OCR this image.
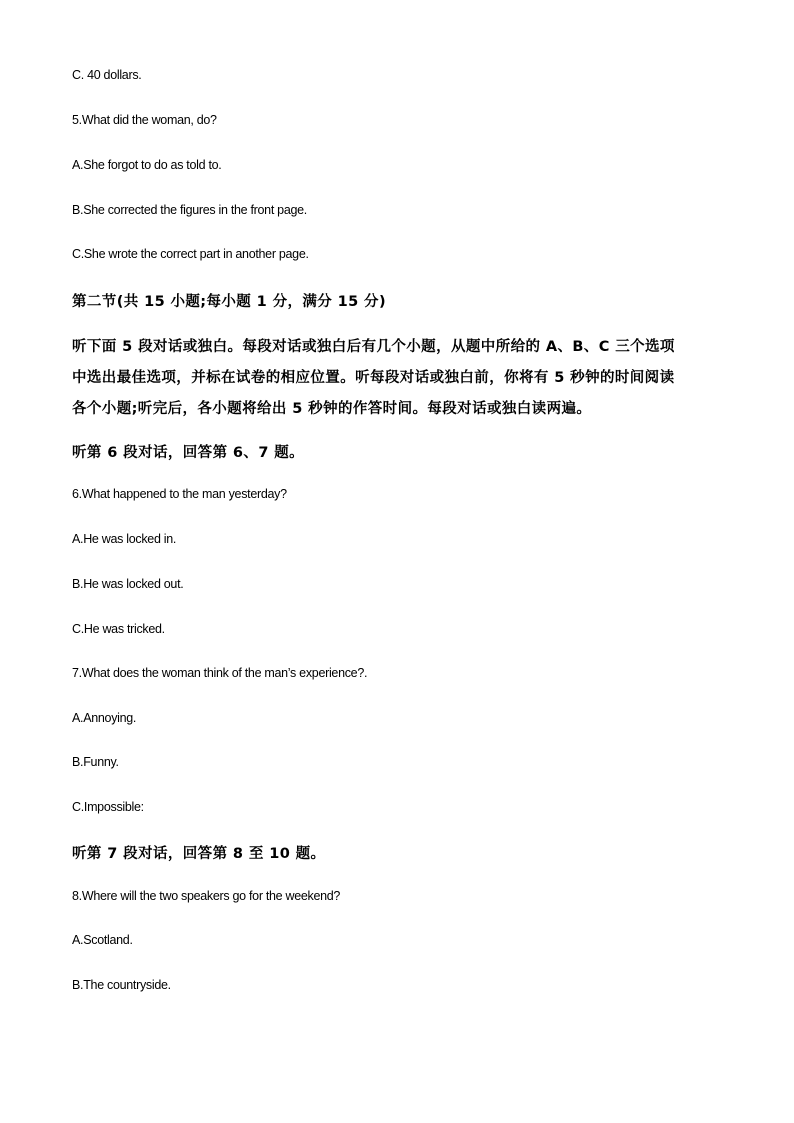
C. 40 dollars.
5.What did the woman, do?
A.She forgot to do as told to.
B.She corrected the figures in the front page.
C.She wrote the correct part in another page.
第二节(共 15 小题;每小题 1 分，满分 15 分)
听下面 5 段对话或独白。每段对话或独白后有几个小题，从题中所给的 A、B、C 三个选项
中选出最佳选项，并标在试卷的相应位置。听每段对话或独白前，你将有 5 秒钟的时间阅读
各个小题;听完后，各小题将给出 5 秒钟的作答时间。每段对话或独白读两遍。
听第 6 段对话，回答第 6、7 题。
6.What happened to the man yesterday?
A.He was locked in.
B.He was locked out.
C.He was tricked.
7.What does the woman think of the man’s experience?.
A.Annoying.
B.Funny.
C.Impossible:
听第 7 段对话，回答第 8 至 10 题。
8.Where will the two speakers go for the weekend?
A.Scotland.
B.The countryside.
